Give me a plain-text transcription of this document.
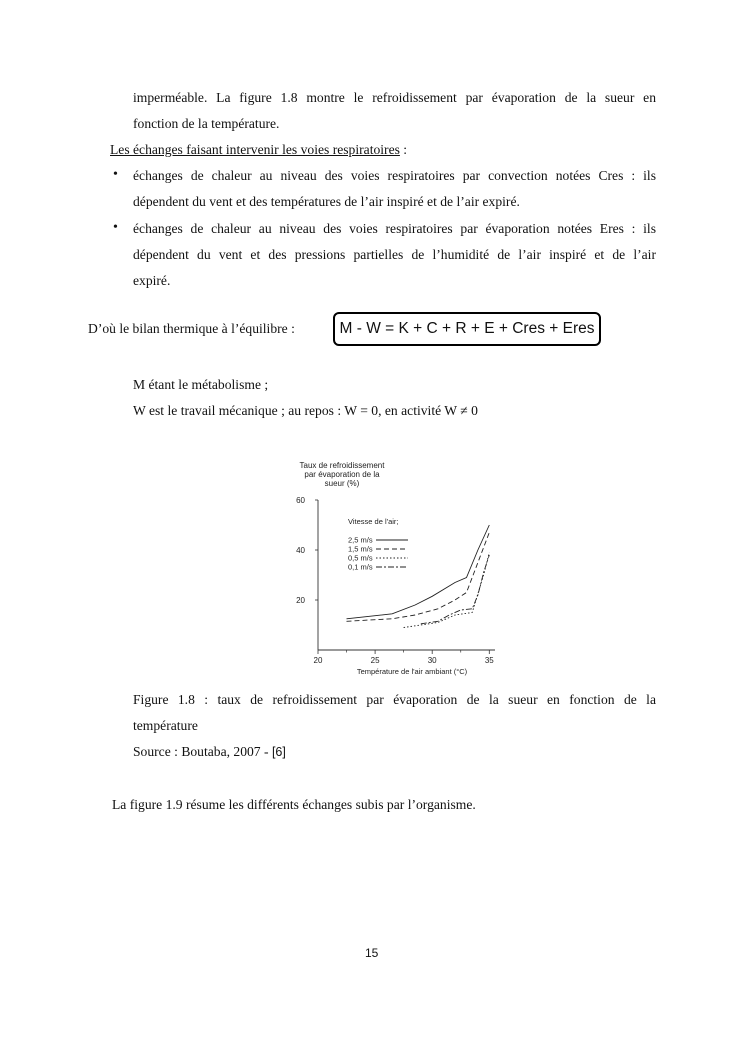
imperméable. La figure 1.8 montre le refroidissement par évaporation de la sueur en
fonction de la température.
Les échanges faisant intervenir les voies respiratoires :
• échanges de chaleur au niveau des voies respiratoires par convection notées Cres : ils
dépendent du vent et des températures de l’air inspiré et de l’air expiré.
• échanges de chaleur au niveau des voies respiratoires par évaporation notées Eres : ils
dépendent du vent et des pressions partielles de l’humidité de l’air inspiré et de l’air
expiré.
D’où le bilan thermique à l’équilibre :	M - W = K + C + R + E + Cres + Eres
M étant le métabolisme ;
W est le travail mécanique ; au repos : W = 0, en activité W ≠ 0
Taux de refroidissement
par évaporation de la
sueur (%)
20
40
60
20	25	30	35
Vitesse de l'air;
2,5 m/s
1,5 m/s
0,5 m/s
0,1 m/s
Température de l'air ambiant (°C)
Figure 1.8 : taux de refroidissement par évaporation de la sueur en fonction de la
température
Source : Boutaba, 2007 - [6]
La figure 1.9 résume les différents échanges subis par l’organisme.
15
